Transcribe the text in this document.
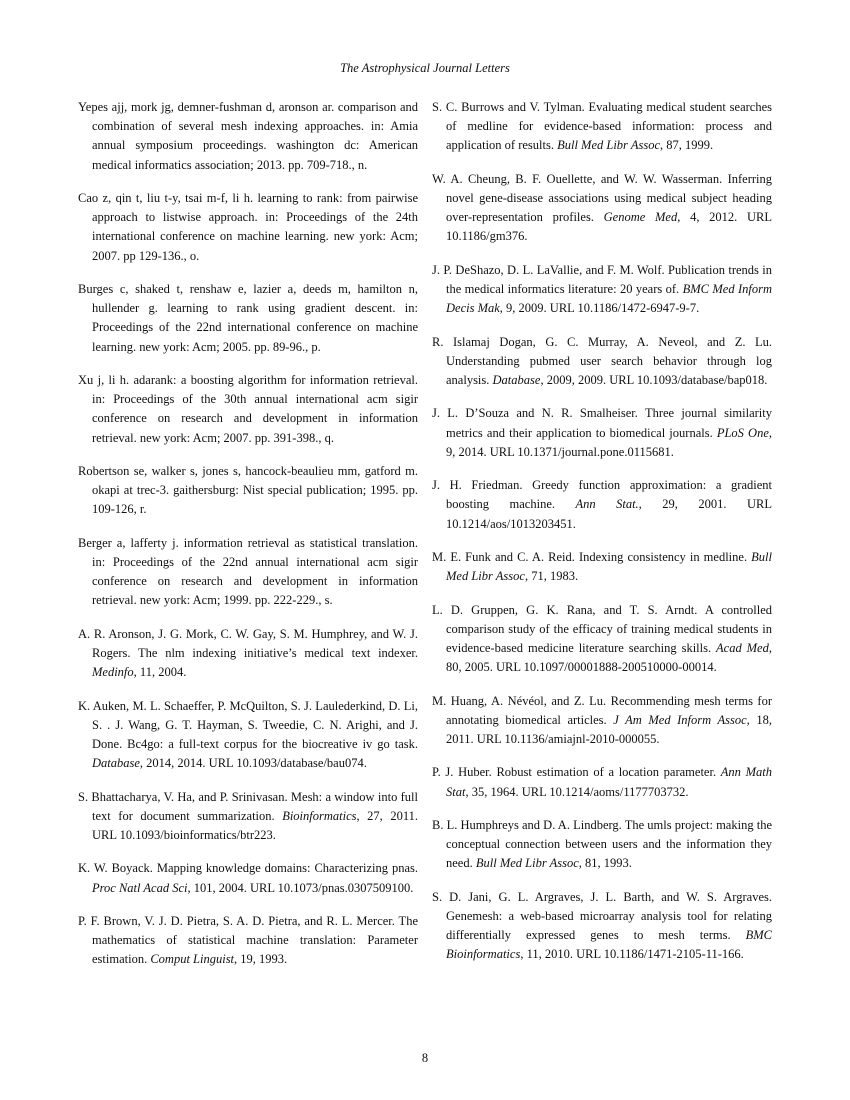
The Astrophysical Journal Letters

Yepes ajj, mork jg, demner-fushman d, aronson ar. comparison and combination of several mesh indexing approaches. in: Amia annual symposium proceedings. washington dc: American medical informatics association; 2013. pp. 709-718., n.

Cao z, qin t, liu t-y, tsai m-f, li h. learning to rank: from pairwise approach to listwise approach. in: Proceedings of the 24th international conference on machine learning. new york: Acm; 2007. pp 129-136., o.

Burges c, shaked t, renshaw e, lazier a, deeds m, hamilton n, hullender g. learning to rank using gradient descent. in: Proceedings of the 22nd international conference on machine learning. new york: Acm; 2005. pp. 89-96., p.

Xu j, li h. adarank: a boosting algorithm for information retrieval. in: Proceedings of the 30th annual international acm sigir conference on research and development in information retrieval. new york: Acm; 2007. pp. 391-398., q.

Robertson se, walker s, jones s, hancock-beaulieu mm, gatford m. okapi at trec-3. gaithersburg: Nist special publication; 1995. pp. 109-126, r.

Berger a, lafferty j. information retrieval as statistical translation. in: Proceedings of the 22nd annual international acm sigir conference on research and development in information retrieval. new york: Acm; 1999. pp. 222-229., s.

A. R. Aronson, J. G. Mork, C. W. Gay, S. M. Humphrey, and W. J. Rogers. The nlm indexing initiative’s medical text indexer. Medinfo, 11, 2004.

K. Auken, M. L. Schaeffer, P. McQuilton, S. J. Laulederkind, D. Li, S. . J. Wang, G. T. Hayman, S. Tweedie, C. N. Arighi, and J. Done. Bc4go: a full-text corpus for the biocreative iv go task. Database, 2014, 2014. URL 10.1093/database/bau074.

S. Bhattacharya, V. Ha, and P. Srinivasan. Mesh: a window into full text for document summarization. Bioinformatics, 27, 2011. URL 10.1093/bioinformatics/btr223.

K. W. Boyack. Mapping knowledge domains: Characterizing pnas. Proc Natl Acad Sci, 101, 2004. URL 10.1073/pnas.0307509100.

P. F. Brown, V. J. D. Pietra, S. A. D. Pietra, and R. L. Mercer. The mathematics of statistical machine translation: Parameter estimation. Comput Linguist, 19, 1993.

S. C. Burrows and V. Tylman. Evaluating medical student searches of medline for evidence-based information: process and application of results. Bull Med Libr Assoc, 87, 1999.

W. A. Cheung, B. F. Ouellette, and W. W. Wasserman. Inferring novel gene-disease associations using medical subject heading over-representation profiles. Genome Med, 4, 2012. URL 10.1186/gm376.

J. P. DeShazo, D. L. LaVallie, and F. M. Wolf. Publication trends in the medical informatics literature: 20 years of. BMC Med Inform Decis Mak, 9, 2009. URL 10.1186/1472-6947-9-7.

R. Islamaj Dogan, G. C. Murray, A. Neveol, and Z. Lu. Understanding pubmed user search behavior through log analysis. Database, 2009, 2009. URL 10.1093/database/bap018.

J. L. D’Souza and N. R. Smalheiser. Three journal similarity metrics and their application to biomedical journals. PLoS One, 9, 2014. URL 10.1371/journal.pone.0115681.

J. H. Friedman. Greedy function approximation: a gradient boosting machine. Ann Stat., 29, 2001. URL 10.1214/aos/1013203451.

M. E. Funk and C. A. Reid. Indexing consistency in medline. Bull Med Libr Assoc, 71, 1983.

L. D. Gruppen, G. K. Rana, and T. S. Arndt. A controlled comparison study of the efficacy of training medical students in evidence-based medicine literature searching skills. Acad Med, 80, 2005. URL 10.1097/00001888-200510000-00014.

M. Huang, A. Névéol, and Z. Lu. Recommending mesh terms for annotating biomedical articles. J Am Med Inform Assoc, 18, 2011. URL 10.1136/amiajnl-2010-000055.

P. J. Huber. Robust estimation of a location parameter. Ann Math Stat, 35, 1964. URL 10.1214/aoms/1177703732.

B. L. Humphreys and D. A. Lindberg. The umls project: making the conceptual connection between users and the information they need. Bull Med Libr Assoc, 81, 1993.

S. D. Jani, G. L. Argraves, J. L. Barth, and W. S. Argraves. Genemesh: a web-based microarray analysis tool for relating differentially expressed genes to mesh terms. BMC Bioinformatics, 11, 2010. URL 10.1186/1471-2105-11-166.

8
